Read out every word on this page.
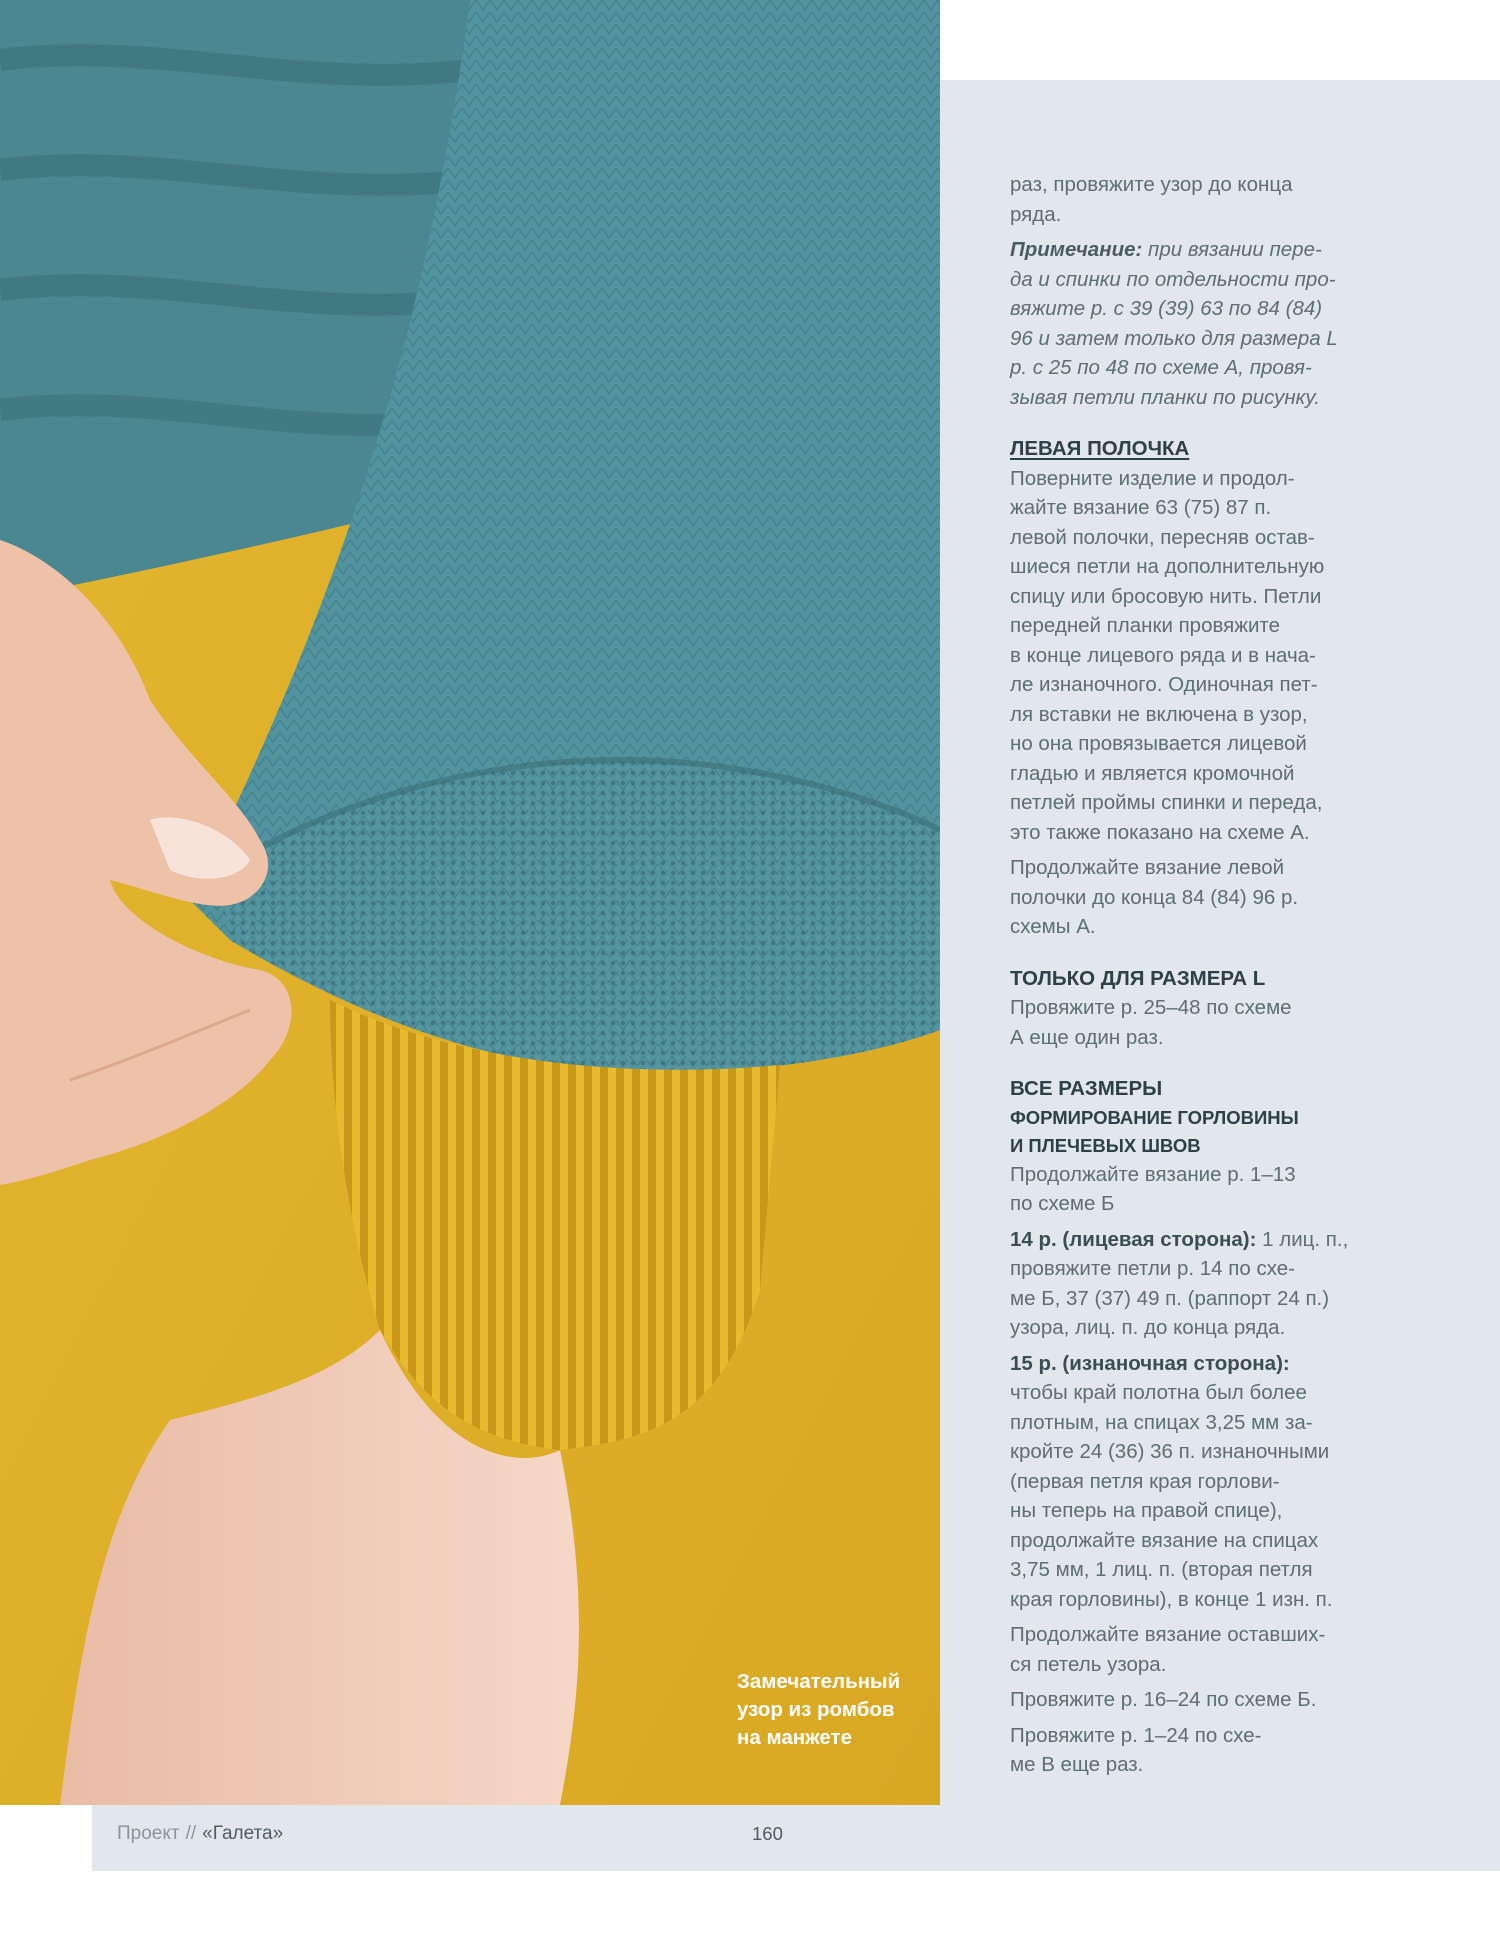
Замечательный
узор из ромбов
на манжете

раз, провяжите узор до конца
ряда.

Примечание: при вязании пере-
да и спинки по отдельности про-
вяжите р. с 39 (39) 63 по 84 (84)
96 и затем только для размера L
р. с 25 по 48 по схеме А, провя-
зывая петли планки по рисунку.

ЛЕВАЯ ПОЛОЧКА

Поверните изделие и продол-
жайте вязание 63 (75) 87 п.
левой полочки, пересняв остав-
шиеся петли на дополнительную
спицу или бросовую нить. Петли
передней планки провяжите
в конце лицевого ряда и в нача-
ле изнаночного. Одиночная пет-
ля вставки не включена в узор,
но она провязывается лицевой
гладью и является кромочной
петлей проймы спинки и переда,
это также показано на схеме А.

Продолжайте вязание левой
полочки до конца 84 (84) 96 р.
схемы А.

ТОЛЬКО ДЛЯ РАЗМЕРА L

Провяжите р. 25–48 по схеме
А еще один раз.

ВСЕ РАЗМЕРЫ
ФОРМИРОВАНИЕ ГОРЛОВИНЫ
И ПЛЕЧЕВЫХ ШВОВ

Продолжайте вязание р. 1–13
по схеме Б

14 р. (лицевая сторона): 1 лиц. п.,
провяжите петли р. 14 по схе-
ме Б, 37 (37) 49 п. (раппорт 24 п.)
узора, лиц. п. до конца ряда.

15 р. (изнаночная сторона):
чтобы край полотна был более
плотным, на спицах 3,25 мм за-
кройте 24 (36) 36 п. изнаночными
(первая петля края горлови-
ны теперь на правой спице),
продолжайте вязание на спицах
3,75 мм, 1 лиц. п. (вторая петля
края горловины), в конце 1 изн. п.

Продолжайте вязание оставших-
ся петель узора.

Провяжите р. 16–24 по схеме Б.

Провяжите р. 1–24 по схе-
ме В еще раз.

Проект // «Галета»	160
